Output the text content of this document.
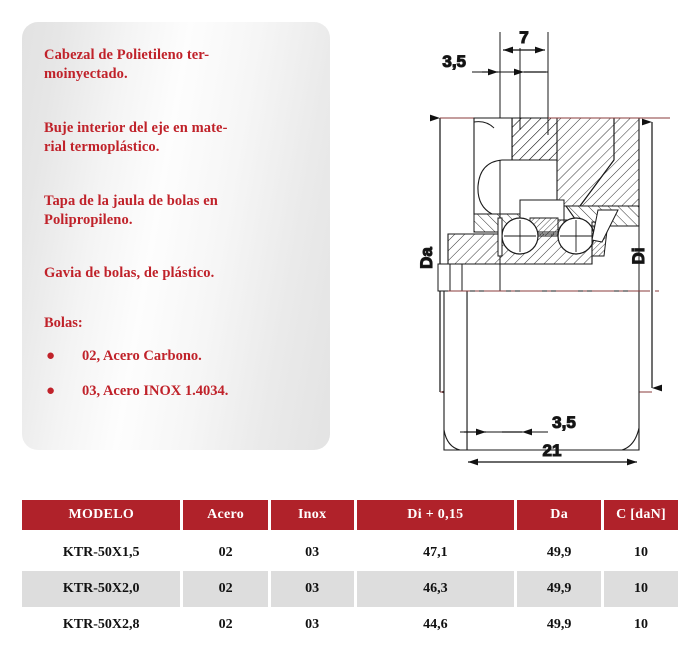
Cabezal de Polietileno ter-
moinyectado.

Buje interior del eje en mate-
rial termoplástico.

Tapa de la jaula de bolas en
Polipropileno.

Gavia de bolas, de plástico.

Bolas:

●	02, Acero Carbono.
●	03, Acero INOX 1.4034.
7
3,5
Da	Di
3,5
21
MODELO	Acero	Inox	Di + 0,15	Da	C [daN]
KTR-50X1,5	02	03	47,1	49,9	10
KTR-50X2,0	02	03	46,3	49,9	10
KTR-50X2,8	02	03	44,6	49,9	10
